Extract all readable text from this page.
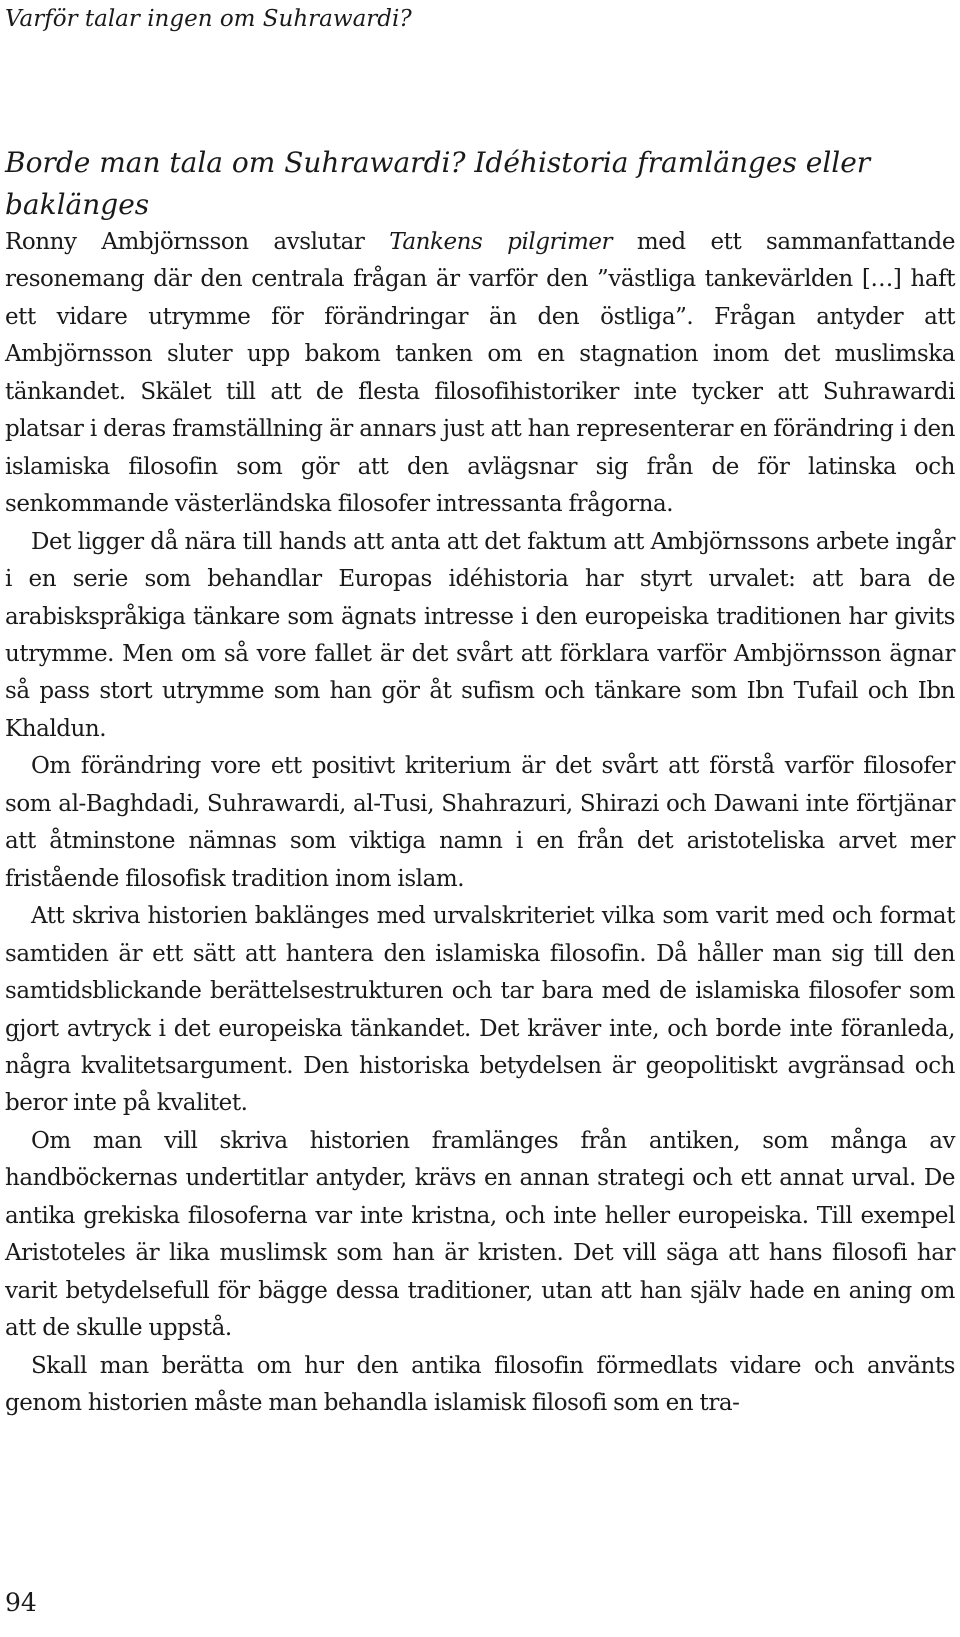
Varför talar ingen om Suhrawardi?
Borde man tala om Suhrawardi? Idéhistoria framlänges eller baklänges

Ronny Ambjörnsson avslutar Tankens pilgrimer med ett sammanfattande resonemang där den centrala frågan är varför den ”västliga tankevärlden […] haft ett vidare utrymme för förändringar än den östliga”. Frågan antyder att Ambjörnsson sluter upp bakom tanken om en stagnation inom det muslimska tänkandet. Skälet till att de flesta filosofihistoriker inte tycker att Suhrawardi platsar i deras framställning är annars just att han representerar en förändring i den islamiska filosofin som gör att den avlägsnar sig från de för latinska och senkommande västerländska filosofer intressanta frågorna.

Det ligger då nära till hands att anta att det faktum att Ambjörnssons arbete ingår i en serie som behandlar Europas idéhistoria har styrt urvalet: att bara de arabiskspråkiga tänkare som ägnats intresse i den europeiska traditionen har givits utrymme. Men om så vore fallet är det svårt att förklara varför Ambjörnsson ägnar så pass stort utrymme som han gör åt sufism och tänkare som Ibn Tufail och Ibn Khaldun.

Om förändring vore ett positivt kriterium är det svårt att förstå varför filosofer som al-Baghdadi, Suhrawardi, al-Tusi, Shahrazuri, Shirazi och Dawani inte förtjänar att åtminstone nämnas som viktiga namn i en från det aristoteliska arvet mer fristående filosofisk tradition inom islam.

Att skriva historien baklänges med urvalskriteriet vilka som varit med och format samtiden är ett sätt att hantera den islamiska filosofin. Då håller man sig till den samtidsblickande berättelsestrukturen och tar bara med de islamiska filosofer som gjort avtryck i det europeiska tänkandet. Det kräver inte, och borde inte föranleda, några kvalitetsargument. Den historiska betydelsen är geopolitiskt avgränsad och beror inte på kvalitet.

Om man vill skriva historien framlänges från antiken, som många av handböckernas undertitlar antyder, krävs en annan strategi och ett annat urval. De antika grekiska filosoferna var inte kristna, och inte heller europeiska. Till exempel Aristoteles är lika muslimsk som han är kristen. Det vill säga att hans filosofi har varit betydelsefull för bägge dessa traditioner, utan att han själv hade en aning om att de skulle uppstå.

Skall man berätta om hur den antika filosofin förmedlats vidare och använts genom historien måste man behandla islamisk filosofi som en tra-

94
